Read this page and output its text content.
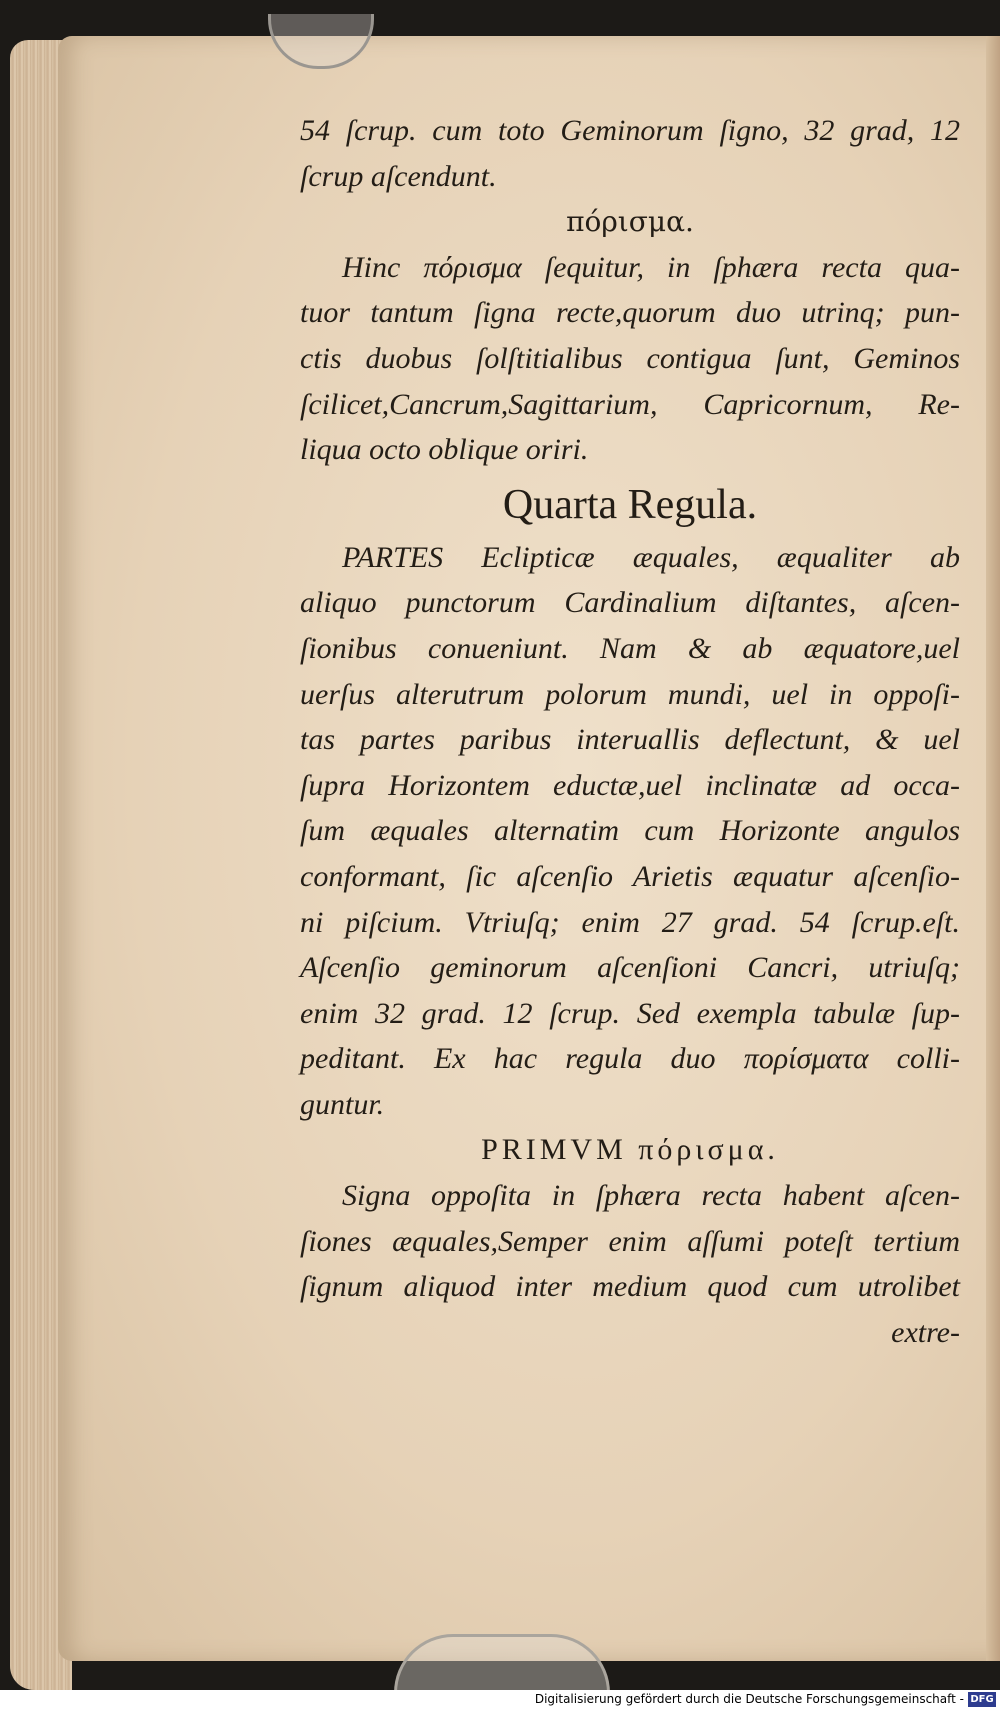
54 ſcrup. cum toto Geminorum ſigno, 32 grad, 12
ſcrup aſcendunt.
πόρισμα.
Hinc πόρισμα ſequitur, in ſphæra recta qua-
tuor tantum ſigna recte,quorum duo utrinq; pun-
ctis duobus ſolſtitialibus contigua ſunt, Geminos
ſcilicet,Cancrum,Sagittarium, Capricornum, Re-
liqua octo oblique oriri.
Quarta Regula.
PARTES Eclipticæ æquales, æqualiter ab
aliquo punctorum Cardinalium diſtantes, aſcen-
ſionibus conueniunt. Nam & ab æquatore,uel
uerſus alterutrum polorum mundi, uel in oppoſi-
tas partes paribus interuallis deflectunt, & uel
ſupra Horizontem eductæ,uel inclinatæ ad occa-
ſum æquales alternatim cum Horizonte angulos
conformant, ſic aſcenſio Arietis æquatur aſcenſio-
ni piſcium. Vtriuſq; enim 27 grad. 54 ſcrup.eſt.
Aſcenſio geminorum aſcenſioni Cancri, utriuſq;
enim 32 grad. 12 ſcrup. Sed exempla tabulæ ſup-
peditant. Ex hac regula duo πορίσματα colli-
guntur.
PRIMVM πόρισμα.
Signa oppoſita in ſphæra recta habent aſcen-
ſiones æquales,Semper enim aſſumi poteſt tertium
ſignum aliquod inter medium quod cum utrolibet
extre-
Digitalisierung gefördert durch die Deutsche Forschungsgemeinschaft - DFG
